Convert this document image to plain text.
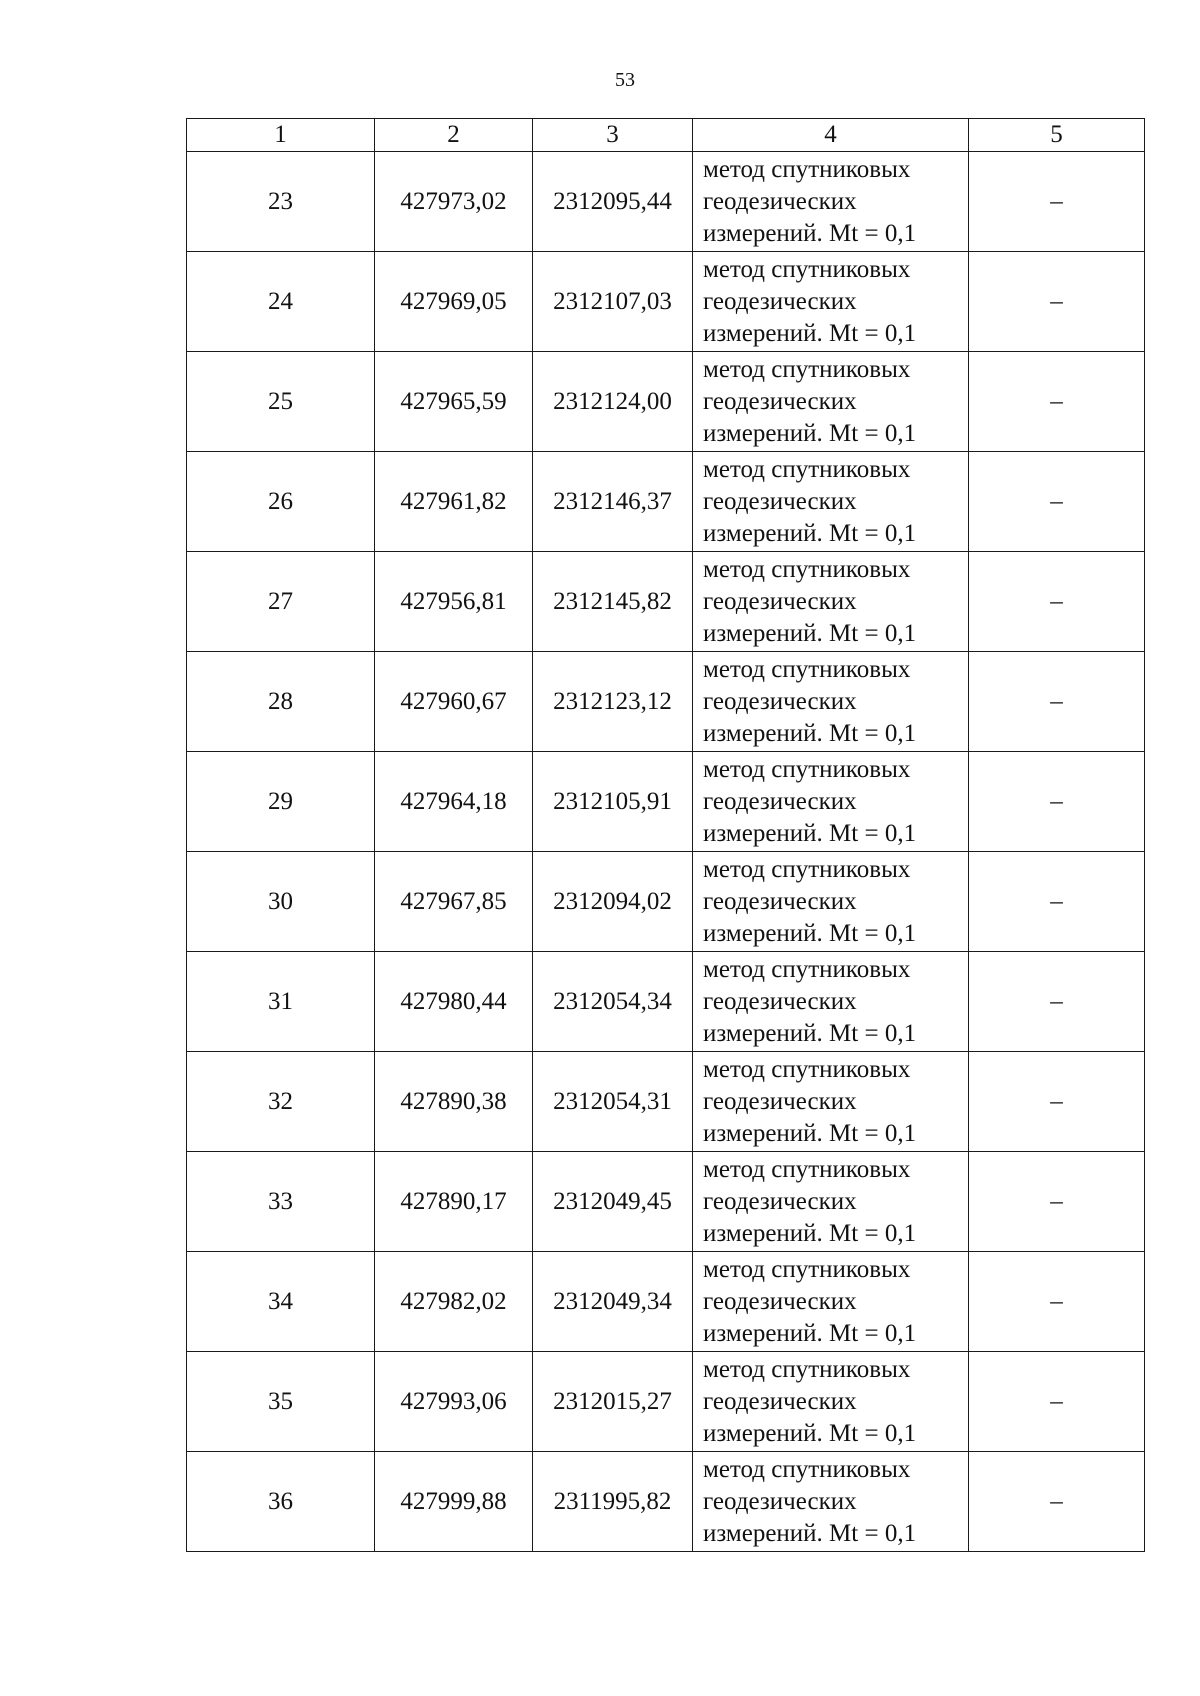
53
1	2	3	4	5
23	427973,02	2312095,44	метод спутниковых
геодезических
измерений. Mt = 0,1	–
24	427969,05	2312107,03	метод спутниковых
геодезических
измерений. Mt = 0,1	–
25	427965,59	2312124,00	метод спутниковых
геодезических
измерений. Mt = 0,1	–
26	427961,82	2312146,37	метод спутниковых
геодезических
измерений. Mt = 0,1	–
27	427956,81	2312145,82	метод спутниковых
геодезических
измерений. Mt = 0,1	–
28	427960,67	2312123,12	метод спутниковых
геодезических
измерений. Mt = 0,1	–
29	427964,18	2312105,91	метод спутниковых
геодезических
измерений. Mt = 0,1	–
30	427967,85	2312094,02	метод спутниковых
геодезических
измерений. Mt = 0,1	–
31	427980,44	2312054,34	метод спутниковых
геодезических
измерений. Mt = 0,1	–
32	427890,38	2312054,31	метод спутниковых
геодезических
измерений. Mt = 0,1	–
33	427890,17	2312049,45	метод спутниковых
геодезических
измерений. Mt = 0,1	–
34	427982,02	2312049,34	метод спутниковых
геодезических
измерений. Mt = 0,1	–
35	427993,06	2312015,27	метод спутниковых
геодезических
измерений. Mt = 0,1	–
36	427999,88	2311995,82	метод спутниковых
геодезических
измерений. Mt = 0,1	–
